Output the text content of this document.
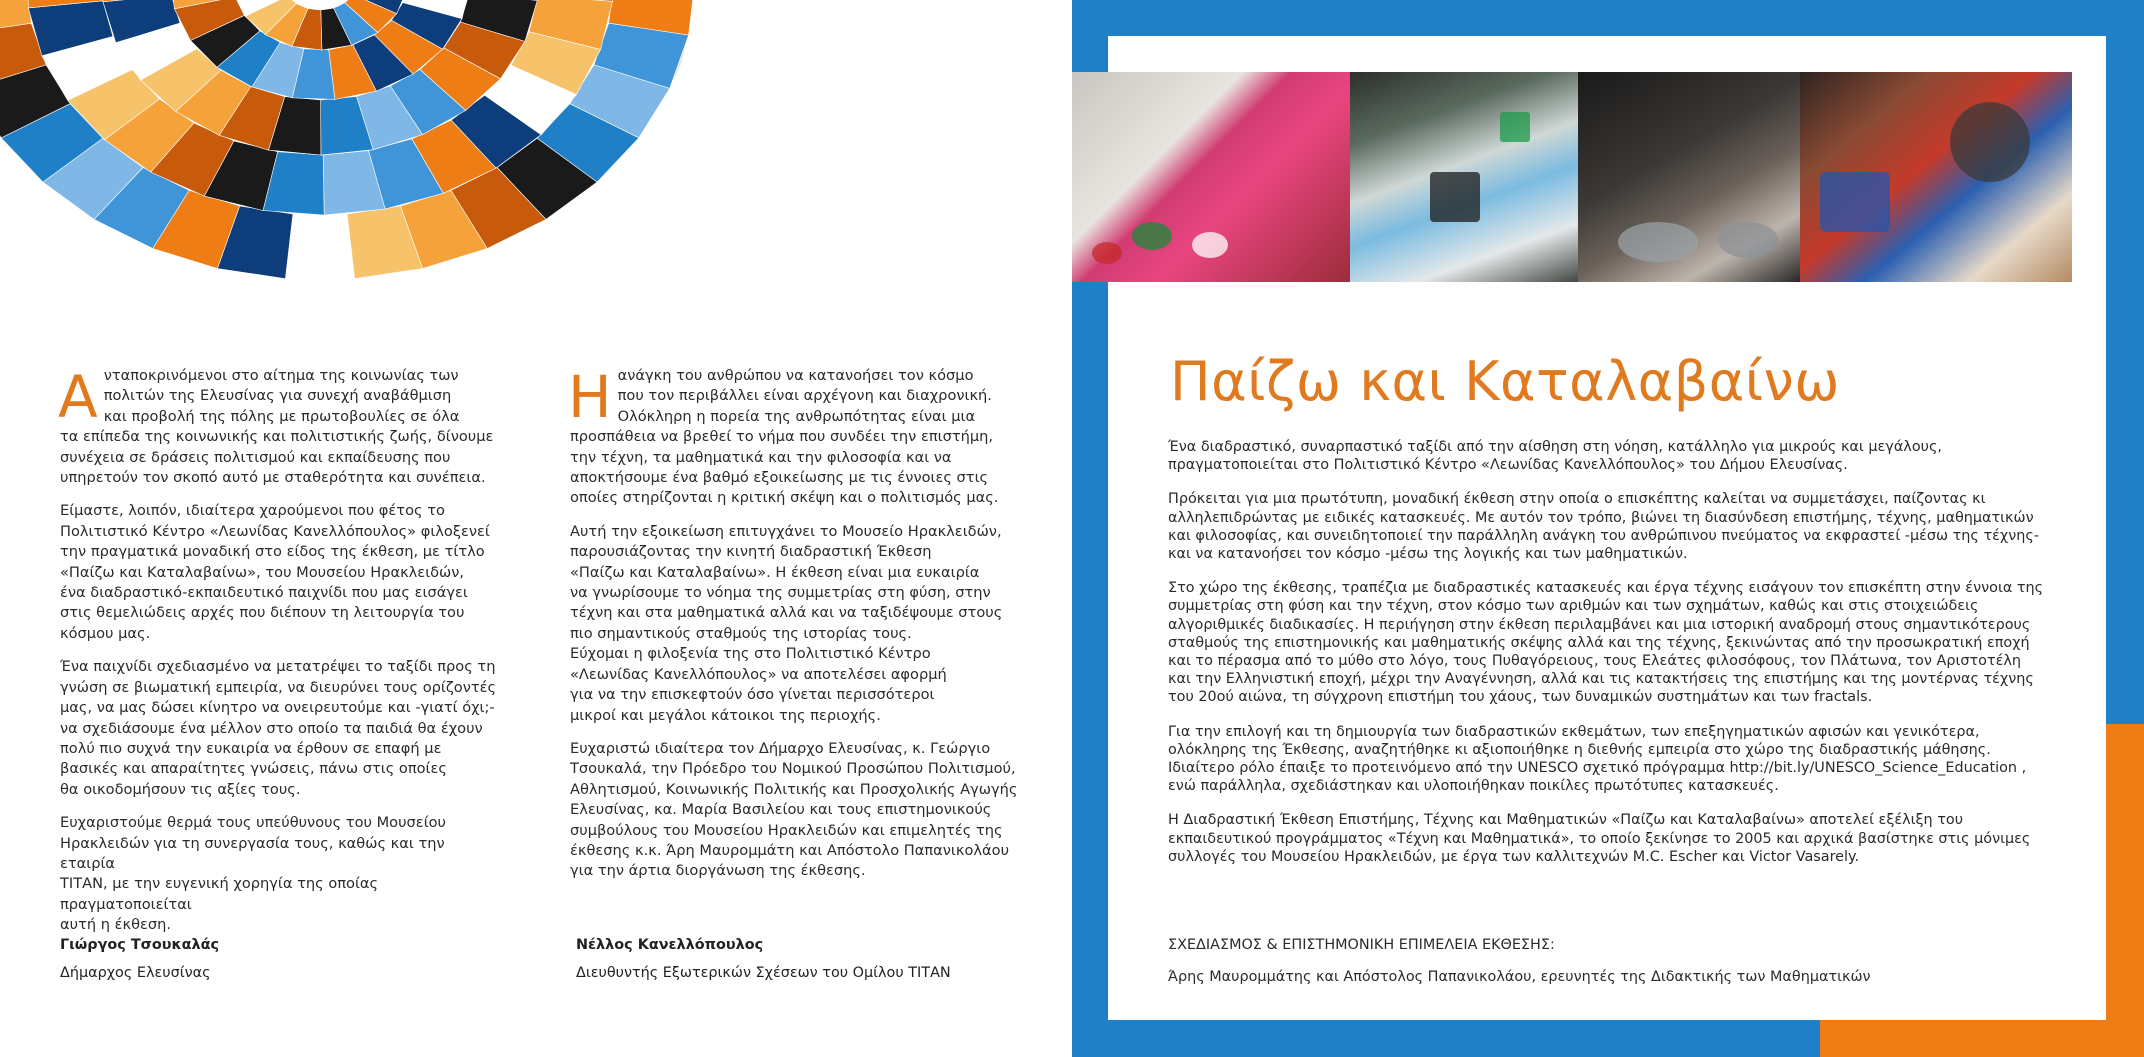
Α νταποκρινόμενοι στο αίτημα της κοινωνίας των
πολιτών της Ελευσίνας για συνεχή αναβάθμιση
και προβολή της πόλης με πρωτοβουλίες σε όλα
τα επίπεδα της κοινωνικής και πολιτιστικής ζωής, δίνουμε
συνέχεια σε δράσεις πολιτισμού και εκπαίδευσης που
υπηρετούν τον σκοπό αυτό με σταθερότητα και συνέπεια.

Είμαστε, λοιπόν, ιδιαίτερα χαρούμενοι που φέτος το
Πολιτιστικό Κέντρο «Λεωνίδας Κανελλόπουλος» φιλοξενεί
την πραγματικά μοναδική στο είδος της έκθεση, με τίτλο
«Παίζω και Καταλαβαίνω», του Μουσείου Ηρακλειδών,
ένα διαδραστικό-εκπαιδευτικό παιχνίδι που μας εισάγει
στις θεμελιώδεις αρχές που διέπουν τη λειτουργία του
κόσμου μας.

Ένα παιχνίδι σχεδιασμένο να μετατρέψει το ταξίδι προς τη
γνώση σε βιωματική εμπειρία, να διευρύνει τους ορίζοντές
μας, να μας δώσει κίνητρο να ονειρευτούμε και -γιατί όχι;-
να σχεδιάσουμε ένα μέλλον στο οποίο τα παιδιά θα έχουν
πολύ πιο συχνά την ευκαιρία να έρθουν σε επαφή με
βασικές και απαραίτητες γνώσεις, πάνω στις οποίες
θα οικοδομήσουν τις αξίες τους.

Ευχαριστούμε θερμά τους υπεύθυνους του Μουσείου
Ηρακλειδών για τη συνεργασία τους, καθώς και την εταιρία
ΤΙΤΑΝ, με την ευγενική χορηγία της οποίας πραγματοποιείται
αυτή η έκθεση.

Η ανάγκη του ανθρώπου να κατανοήσει τον κόσμο
που τον περιβάλλει είναι αρχέγονη και διαχρονική.
Ολόκληρη η πορεία της ανθρωπότητας είναι μια
προσπάθεια να βρεθεί το νήμα που συνδέει την επιστήμη,
την τέχνη, τα μαθηματικά και την φιλοσοφία και να
αποκτήσουμε ένα βαθμό εξοικείωσης με τις έννοιες στις
οποίες στηρίζονται η κριτική σκέψη και ο πολιτισμός μας.

Αυτή την εξοικείωση επιτυγχάνει το Μουσείο Ηρακλειδών,
παρουσιάζοντας την κινητή διαδραστική Έκθεση
«Παίζω και Καταλαβαίνω». Η έκθεση είναι μια ευκαιρία
να γνωρίσουμε το νόημα της συμμετρίας στη φύση, στην
τέχνη και στα μαθηματικά αλλά και να ταξιδέψουμε στους
πιο σημαντικούς σταθμούς της ιστορίας τους.
Εύχομαι η φιλοξενία της στο Πολιτιστικό Κέντρο
«Λεωνίδας Κανελλόπουλος» να αποτελέσει αφορμή
για να την επισκεφτούν όσο γίνεται περισσότεροι
μικροί και μεγάλοι κάτοικοι της περιοχής.

Ευχαριστώ ιδιαίτερα τον Δήμαρχο Ελευσίνας, κ. Γεώργιο
Τσουκαλά, την Πρόεδρο του Νομικού Προσώπου Πολιτισμού,
Αθλητισμού, Κοινωνικής Πολιτικής και Προσχολικής Αγωγής
Ελευσίνας, κα. Μαρία Βασιλείου και τους επιστημονικούς
συμβούλους του Μουσείου Ηρακλειδών και επιμελητές της
έκθεσης κ.κ. Άρη Μαυρομμάτη και Απόστολο Παπανικολάου
για την άρτια διοργάνωση της έκθεσης.

Γιώργος Τσουκαλάς
Δήμαρχος Ελευσίνας
Νέλλος Κανελλόπουλος
Διευθυντής Εξωτερικών Σχέσεων του Ομίλου ΤΙΤΑΝ
Παίζω και Καταλαβαίνω

Ένα διαδραστικό, συναρπαστικό ταξίδι από την αίσθηση στη νόηση, κατάλληλο για μικρούς και μεγάλους, πραγματοποιείται στο Πολιτιστικό Κέντρο «Λεωνίδας Κανελλόπουλος» του Δήμου Ελευσίνας.

Πρόκειται για μια πρωτότυπη, μοναδική έκθεση στην οποία ο επισκέπτης καλείται να συμμετάσχει, παίζοντας κι αλληλεπιδρώντας με ειδικές κατασκευές. Με αυτόν τον τρόπο, βιώνει τη διασύνδεση επιστήμης, τέχνης, μαθηματικών και φιλοσοφίας, και συνειδητοποιεί την παράλληλη ανάγκη του ανθρώπινου πνεύματος να εκφραστεί -μέσω της τέχνης- και να κατανοήσει τον κόσμο -μέσω της λογικής και των μαθηματικών.

Στο χώρο της έκθεσης, τραπέζια με διαδραστικές κατασκευές και έργα τέχνης εισάγουν τον επισκέπτη στην έννοια της συμμετρίας στη φύση και την τέχνη, στον κόσμο των αριθμών και των σχημάτων, καθώς και στις στοιχειώδεις αλγοριθμικές διαδικασίες. Η περιήγηση στην έκθεση περιλαμβάνει και μια ιστορική αναδρομή στους σημαντικότερους σταθμούς της επιστημονικής και μαθηματικής σκέψης αλλά και της τέχνης, ξεκινώντας από την προσωκρατική εποχή και το πέρασμα από το μύθο στο λόγο, τους Πυθαγόρειους, τους Ελεάτες φιλοσόφους, τον Πλάτωνα, τον Αριστοτέλη και την Ελληνιστική εποχή, μέχρι την Αναγέννηση, αλλά και τις κατακτήσεις της επιστήμης και της μοντέρνας τέχνης του 20ού αιώνα, τη σύγχρονη επιστήμη του χάους, των δυναμικών συστημάτων και των fractals.

Για την επιλογή και τη δημιουργία των διαδραστικών εκθεμάτων, των επεξηγηματικών αφισών και γενικότερα, ολόκληρης της Έκθεσης, αναζητήθηκε κι αξιοποιήθηκε η διεθνής εμπειρία στο χώρο της διαδραστικής μάθησης. Ιδιαίτερο ρόλο έπαιξε το προτεινόμενο από την UNESCO σχετικό πρόγραμμα http://bit.ly/UNESCO_Science_Education , ενώ παράλληλα, σχεδιάστηκαν και υλοποιήθηκαν ποικίλες πρωτότυπες κατασκευές.

Η Διαδραστική Έκθεση Επιστήμης, Τέχνης και Μαθηματικών «Παίζω και Καταλαβαίνω» αποτελεί εξέλιξη του εκπαιδευτικού προγράμματος «Τέχνη και Μαθηματικά», το οποίο ξεκίνησε το 2005 και αρχικά βασίστηκε στις μόνιμες συλλογές του Μουσείου Ηρακλειδών, με έργα των καλλιτεχνών M.C. Escher και Victor Vasarely.

ΣΧΕΔΙΑΣΜΟΣ & ΕΠΙΣΤΗΜΟΝΙΚΗ ΕΠΙΜΕΛΕΙΑ ΕΚΘΕΣΗΣ:
Άρης Μαυρομμάτης και Απόστολος Παπανικολάου, ερευνητές της Διδακτικής των Μαθηματικών
